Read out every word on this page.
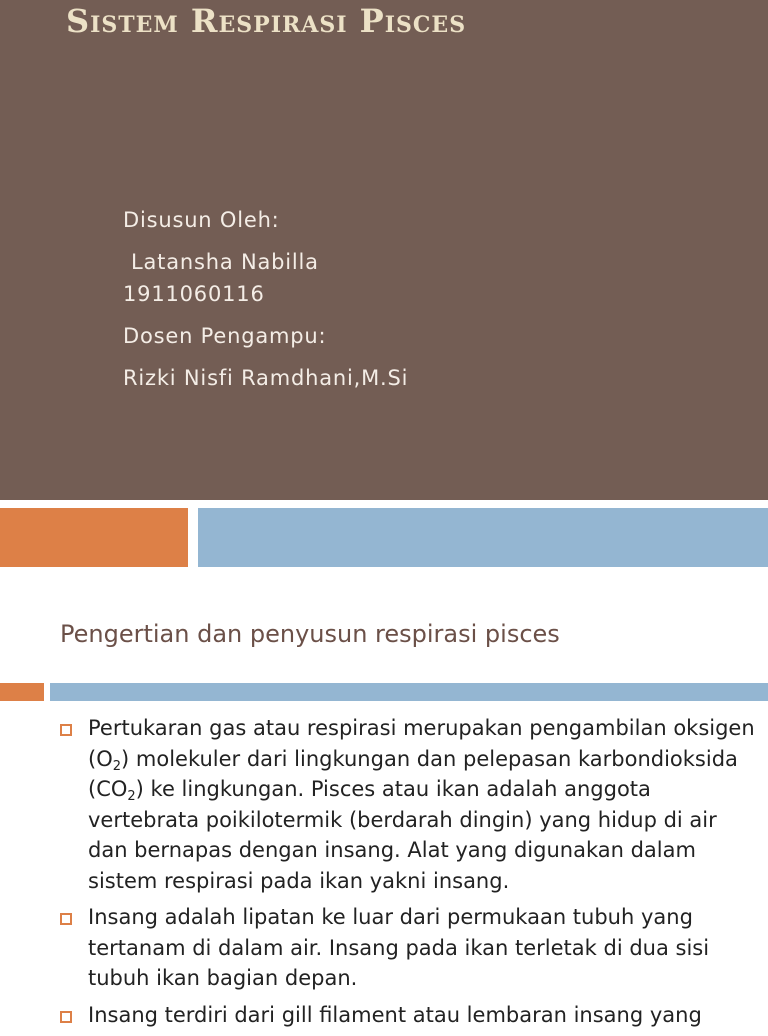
Sistem Respirasi Pisces
Disusun Oleh:
Latansha Nabilla
1911060116
Dosen Pengampu:
Rizki Nisfi Ramdhani,M.Si
Pengertian dan penyusun respirasi pisces
Pertukaran gas atau respirasi merupakan pengambilan oksigen $(O_2)$ molekuler dari lingkungan dan pelepasan karbondioksida $(CO_2)$ ke lingkungan. Pisces atau ikan adalah anggota vertebrata poikilotermik (berdarah dingin) yang hidup di air dan bernapas dengan insang. Alat yang digunakan dalam sistem respirasi pada ikan yakni insang.
Insang adalah lipatan ke luar dari permukaan tubuh yang tertanam di dalam air. Insang pada ikan terletak di dua sisi tubuh ikan bagian depan.
Insang terdiri dari gill filament atau lembaran insang yang
